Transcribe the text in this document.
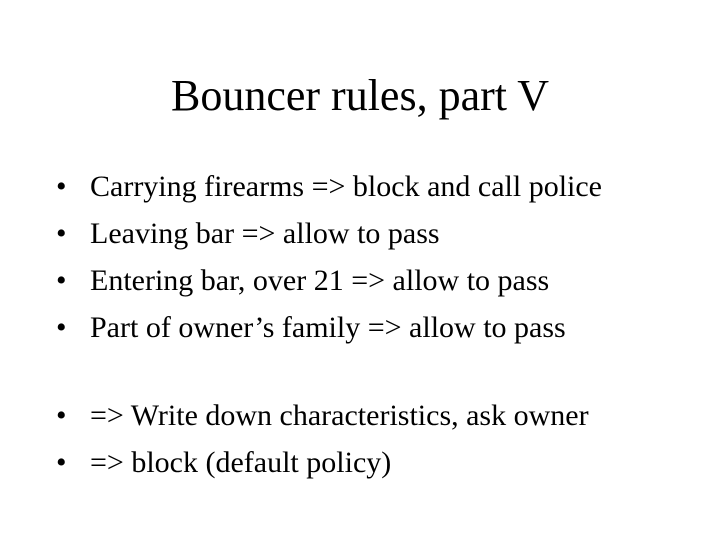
Bouncer rules, part V
• Carrying firearms => block and call police
• Leaving bar => allow to pass
• Entering bar, over 21 => allow to pass
• Part of owner’s family => allow to pass
• => Write down characteristics, ask owner
• => block (default policy)
